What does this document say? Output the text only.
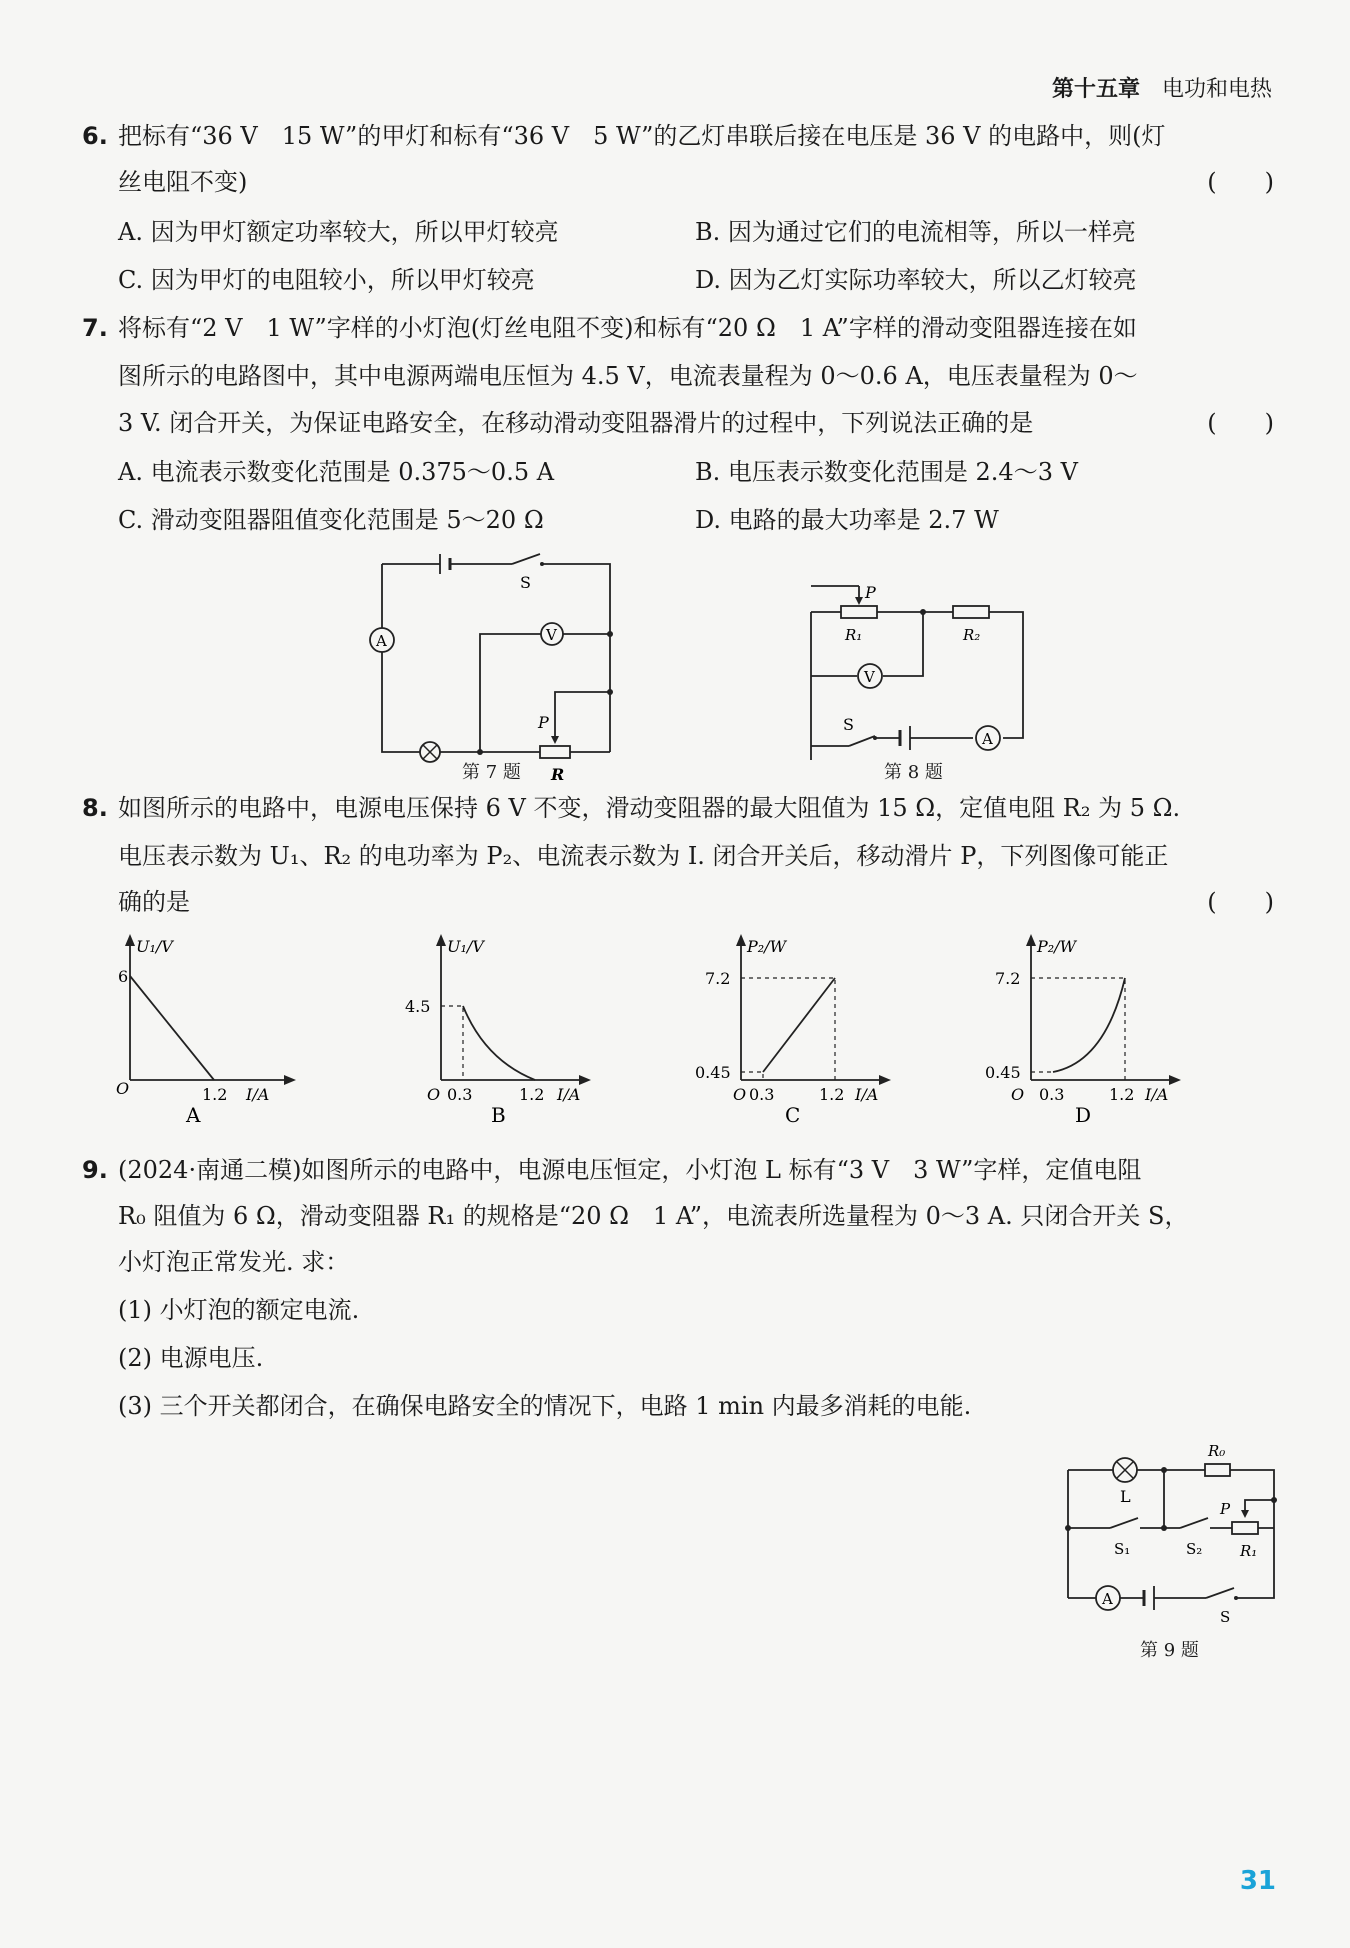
第十五章 电功和电热
6. 把标有“36 V　15 W”的甲灯和标有“36 V　5 W”的乙灯串联后接在电压是 36 V 的电路中，则(灯
丝电阻不变)	(　　)
A. 因为甲灯额定功率较大，所以甲灯较亮	B. 因为通过它们的电流相等，所以一样亮
C. 因为甲灯的电阻较小，所以甲灯较亮	D. 因为乙灯实际功率较大，所以乙灯较亮
7. 将标有“2 V　1 W”字样的小灯泡(灯丝电阻不变)和标有“20 Ω　1 A”字样的滑动变阻器连接在如
图所示的电路图中，其中电源两端电压恒为 4.5 V，电流表量程为 0～0.6 A，电压表量程为 0～
3 V. 闭合开关，为保证电路安全，在移动滑动变阻器滑片的过程中，下列说法正确的是	(　　)
A. 电流表示数变化范围是 0.375～0.5 A	B. 电压表示数变化范围是 2.4～3 V
C. 滑动变阻器阻值变化范围是 5～20 Ω	D. 电路的最大功率是 2.7 W
S
A	V
P
R
第 7 题
P
R₁	R₂
V
S
A
第 8 题
8. 如图所示的电路中，电源电压保持 6 V 不变，滑动变阻器的最大阻值为 15 Ω，定值电阻 R₂ 为 5 Ω.
电压表示数为 U₁、R₂ 的电功率为 P₂、电流表示数为 I. 闭合开关后，移动滑片 P，下列图像可能正
确的是	(　　)
U₁/V
6
O	1.2 I/A
A
U₁/V
4.5
O 0.3	1.2 I/A
B
P₂/W
7.2
0.45
O 0.3	1.2 I/A
C
P₂/W
7.2
0.45
O 0.3	1.2 I/A
D
9. (2024·南通二模)如图所示的电路中，电源电压恒定，小灯泡 L 标有“3 V　3 W”字样，定值电阻
R₀ 阻值为 6 Ω，滑动变阻器 R₁ 的规格是“20 Ω　1 A”，电流表所选量程为 0～3 A. 只闭合开关 S，
小灯泡正常发光. 求：
(1) 小灯泡的额定电流.
(2) 电源电压.
(3) 三个开关都闭合，在确保电路安全的情况下，电路 1 min 内最多消耗的电能.
L
R₀
S₁	S₂
P
R₁
A
S
第 9 题
31
